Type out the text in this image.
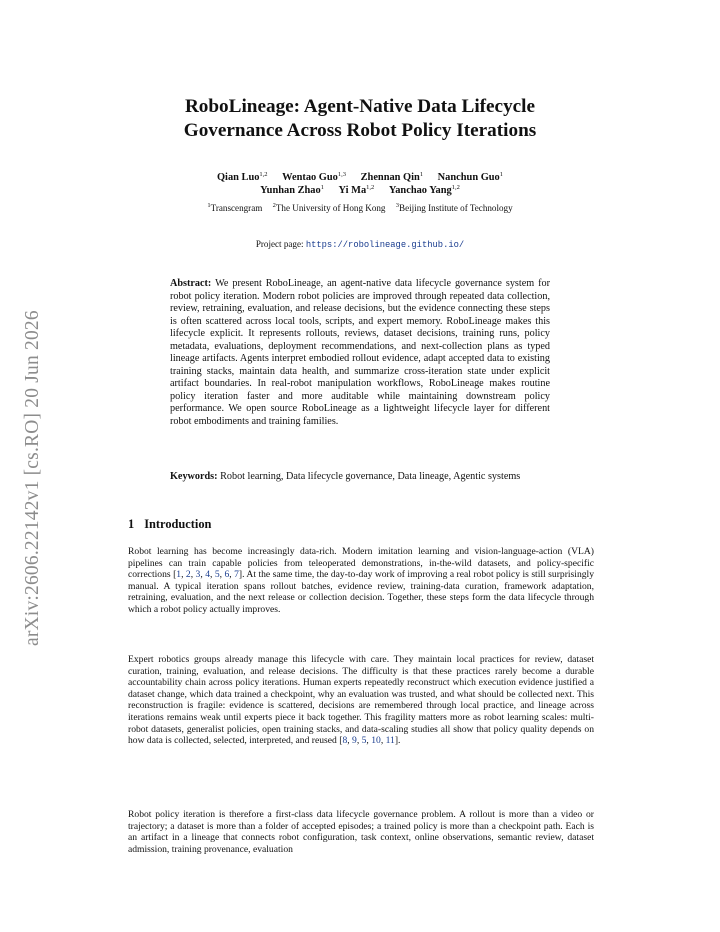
arXiv:2606.22142v1 [cs.RO] 20 Jun 2026
RoboLineage: Agent-Native Data Lifecycle
Governance Across Robot Policy Iterations
Qian Luo$^{1,2}$ Wentao Guo$^{1,3}$ Zhennan Qin$^1$ Nanchun Guo$^1$
Yunhan Zhao$^1$ Yi Ma$^{1,2}$ Yanchao Yang$^{1,2}$
$^1$Transcengram $^2$The University of Hong Kong $^3$Beijing Institute of Technology
Project page: https://robolineage.github.io/
Abstract: We present RoboLineage, an agent-native data lifecycle governance system for robot policy iteration. Modern robot policies are improved through repeated data collection, review, retraining, evaluation, and release decisions, but the evidence connecting these steps is often scattered across local tools, scripts, and expert memory. RoboLineage makes this lifecycle explicit. It represents rollouts, reviews, dataset decisions, training runs, policy metadata, evaluations, deployment recommendations, and next-collection plans as typed lineage artifacts. Agents interpret embodied rollout evidence, adapt accepted data to existing training stacks, maintain data health, and summarize cross-iteration state under explicit artifact boundaries. In real-robot manipulation workflows, RoboLineage makes routine policy iteration faster and more auditable while maintaining downstream policy performance. We open source RoboLineage as a lightweight lifecycle layer for different robot embodiments and training families.
Keywords: Robot learning, Data lifecycle governance, Data lineage, Agentic systems
1 Introduction

Robot learning has become increasingly data-rich. Modern imitation learning and vision-language-action (VLA) pipelines can train capable policies from teleoperated demonstrations, in-the-wild datasets, and policy-specific corrections [1, 2, 3, 4, 5, 6, 7]. At the same time, the day-to-day work of improving a real robot policy is still surprisingly manual. A typical iteration spans rollout batches, evidence review, training-data curation, framework adaptation, retraining, evaluation, and the next release or collection decision. Together, these steps form the data lifecycle through which a robot policy actually improves.

Expert robotics groups already manage this lifecycle with care. They maintain local practices for review, dataset curation, training, evaluation, and release decisions. The difficulty is that these practices rarely become a durable accountability chain across policy iterations. Human experts repeatedly reconstruct which execution evidence justified a dataset change, which data trained a checkpoint, why an evaluation was trusted, and what should be collected next. This reconstruction is fragile: evidence is scattered, decisions are remembered through local practice, and lineage across iterations remains weak until experts piece it back together. This fragility matters more as robot learning scales: multi-robot datasets, generalist policies, open training stacks, and data-scaling studies all show that policy quality depends on how data is collected, selected, interpreted, and reused [8, 9, 5, 10, 11].

Robot policy iteration is therefore a first-class data lifecycle governance problem. A rollout is more than a video or trajectory; a dataset is more than a folder of accepted episodes; a trained policy is more than a checkpoint path. Each is an artifact in a lineage that connects robot configuration, task context, online observations, semantic review, dataset admission, training provenance, evaluation
